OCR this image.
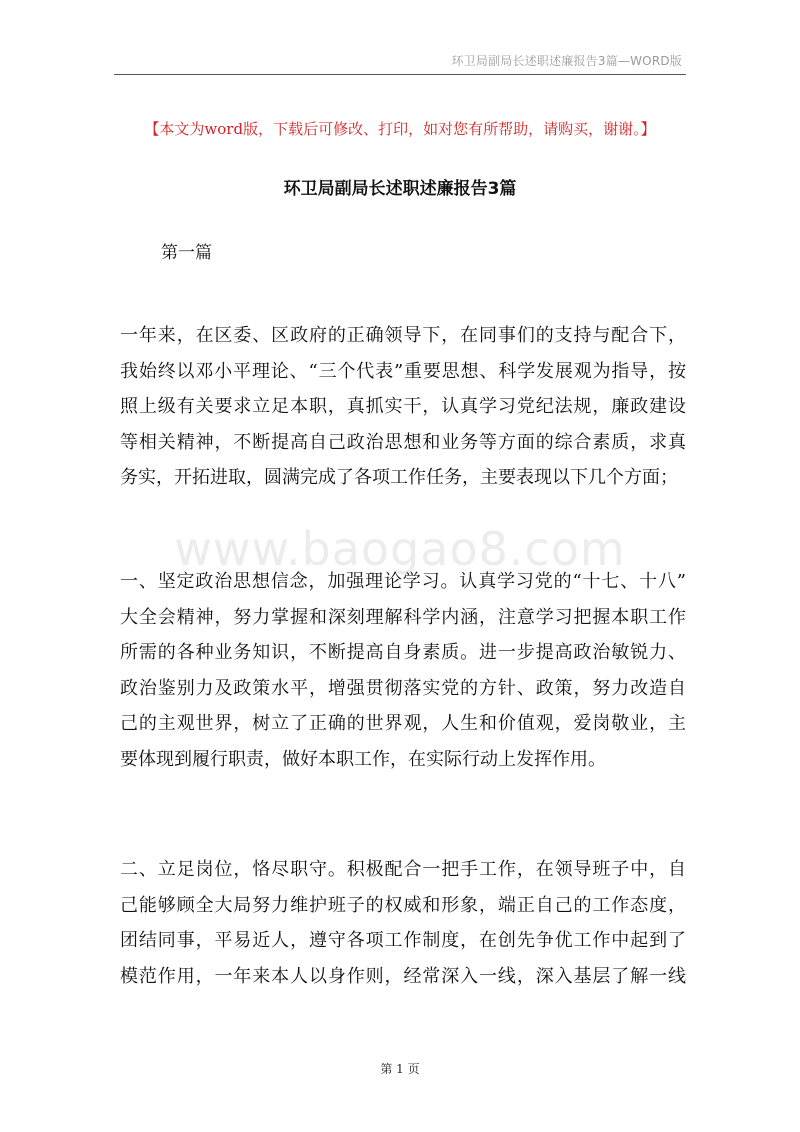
环卫局副局长述职述廉报告3篇—WORD版
【本文为word版，下载后可修改、打印，如对您有所帮助，请购买，谢谢。】
环卫局副局长述职述廉报告3篇
第一篇
www.baogao8.com

一年来，在区委、区政府的正确领导下，在同事们的支持与配合下，
我始终以邓小平理论、“三个代表”重要思想、科学发展观为指导，按
照上级有关要求立足本职，真抓实干，认真学习党纪法规，廉政建设
等相关精神，不断提高自己政治思想和业务等方面的综合素质，求真
务实，开拓进取，圆满完成了各项工作任务，主要表现以下几个方面；

一、坚定政治思想信念，加强理论学习。认真学习党的“十七、十八”
大全会精神，努力掌握和深刻理解科学内涵，注意学习把握本职工作
所需的各种业务知识，不断提高自身素质。进一步提高政治敏锐力、
政治鉴别力及政策水平，增强贯彻落实党的方针、政策，努力改造自
己的主观世界，树立了正确的世界观，人生和价值观，爱岗敬业，主
要体现到履行职责，做好本职工作，在实际行动上发挥作用。

二、立足岗位，恪尽职守。积极配合一把手工作，在领导班子中，自
己能够顾全大局努力维护班子的权威和形象，端正自己的工作态度，
团结同事，平易近人，遵守各项工作制度，在创先争优工作中起到了
模范作用，一年来本人以身作则，经常深入一线，深入基层了解一线

第 1 页
